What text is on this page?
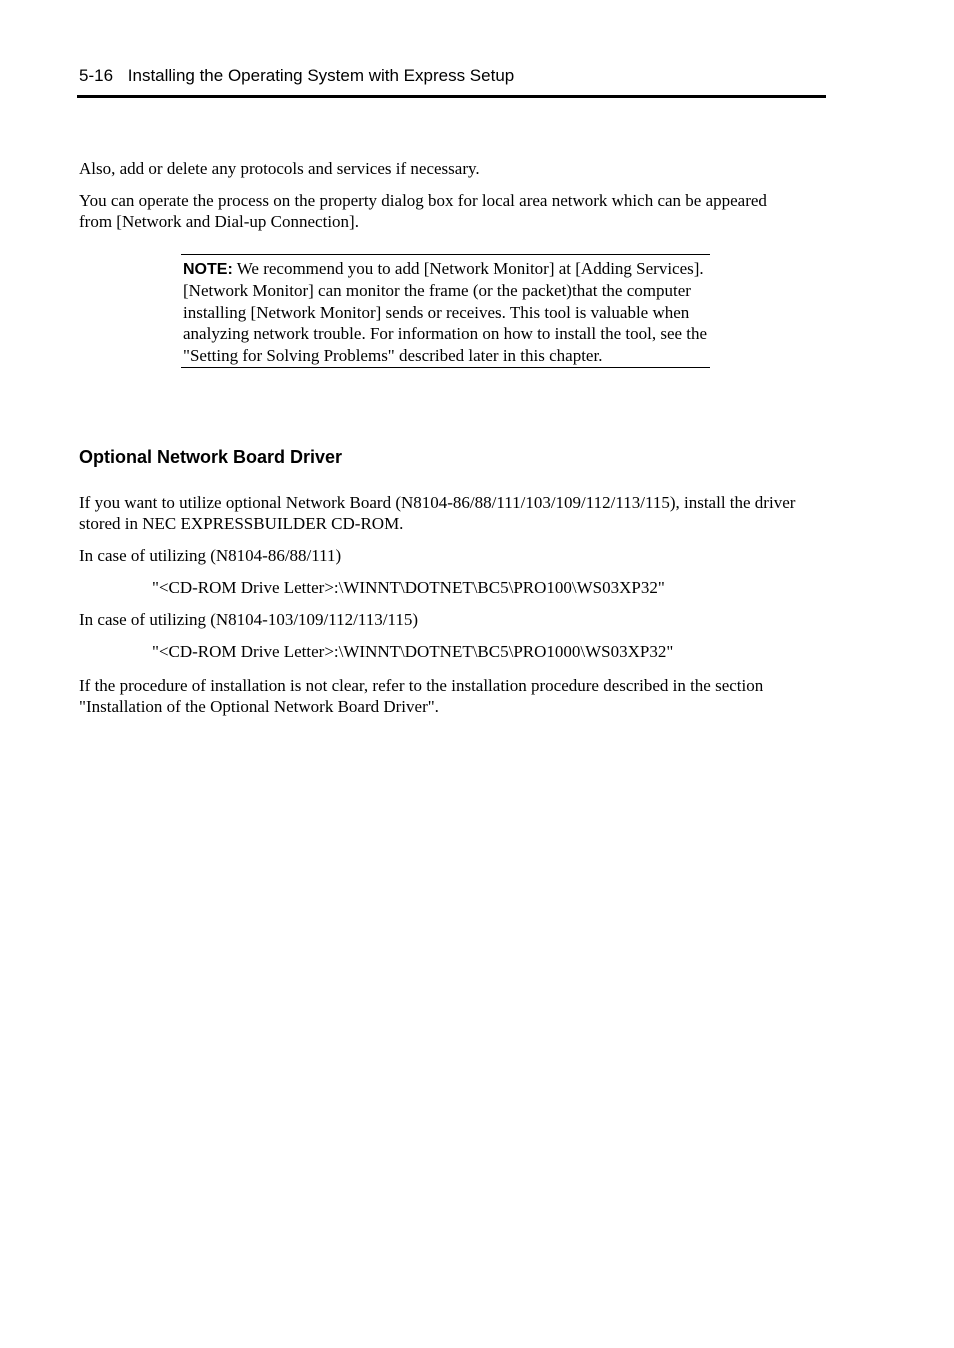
5-16 Installing the Operating System with Express Setup

Also, add or delete any protocols and services if necessary.

You can operate the process on the property dialog box for local area network which can be appeared from [Network and Dial-up Connection].

NOTE: We recommend you to add [Network Monitor] at [Adding Services]. [Network Monitor] can monitor the frame (or the packet)that the computer installing [Network Monitor] sends or receives. This tool is valuable when analyzing network trouble. For information on how to install the tool, see the "Setting for Solving Problems" described later in this chapter.
Optional Network Board Driver

If you want to utilize optional Network Board (N8104-86/88/111/103/109/112/113/115), install the driver stored in NEC EXPRESSBUILDER CD-ROM.

In case of utilizing (N8104-86/88/111)

"<CD-ROM Drive Letter>:\WINNT\DOTNET\BC5\PRO100\WS03XP32"

In case of utilizing (N8104-103/109/112/113/115)

"<CD-ROM Drive Letter>:\WINNT\DOTNET\BC5\PRO1000\WS03XP32"

If the procedure of installation is not clear, refer to the installation procedure described in the section "Installation of the Optional Network Board Driver".
